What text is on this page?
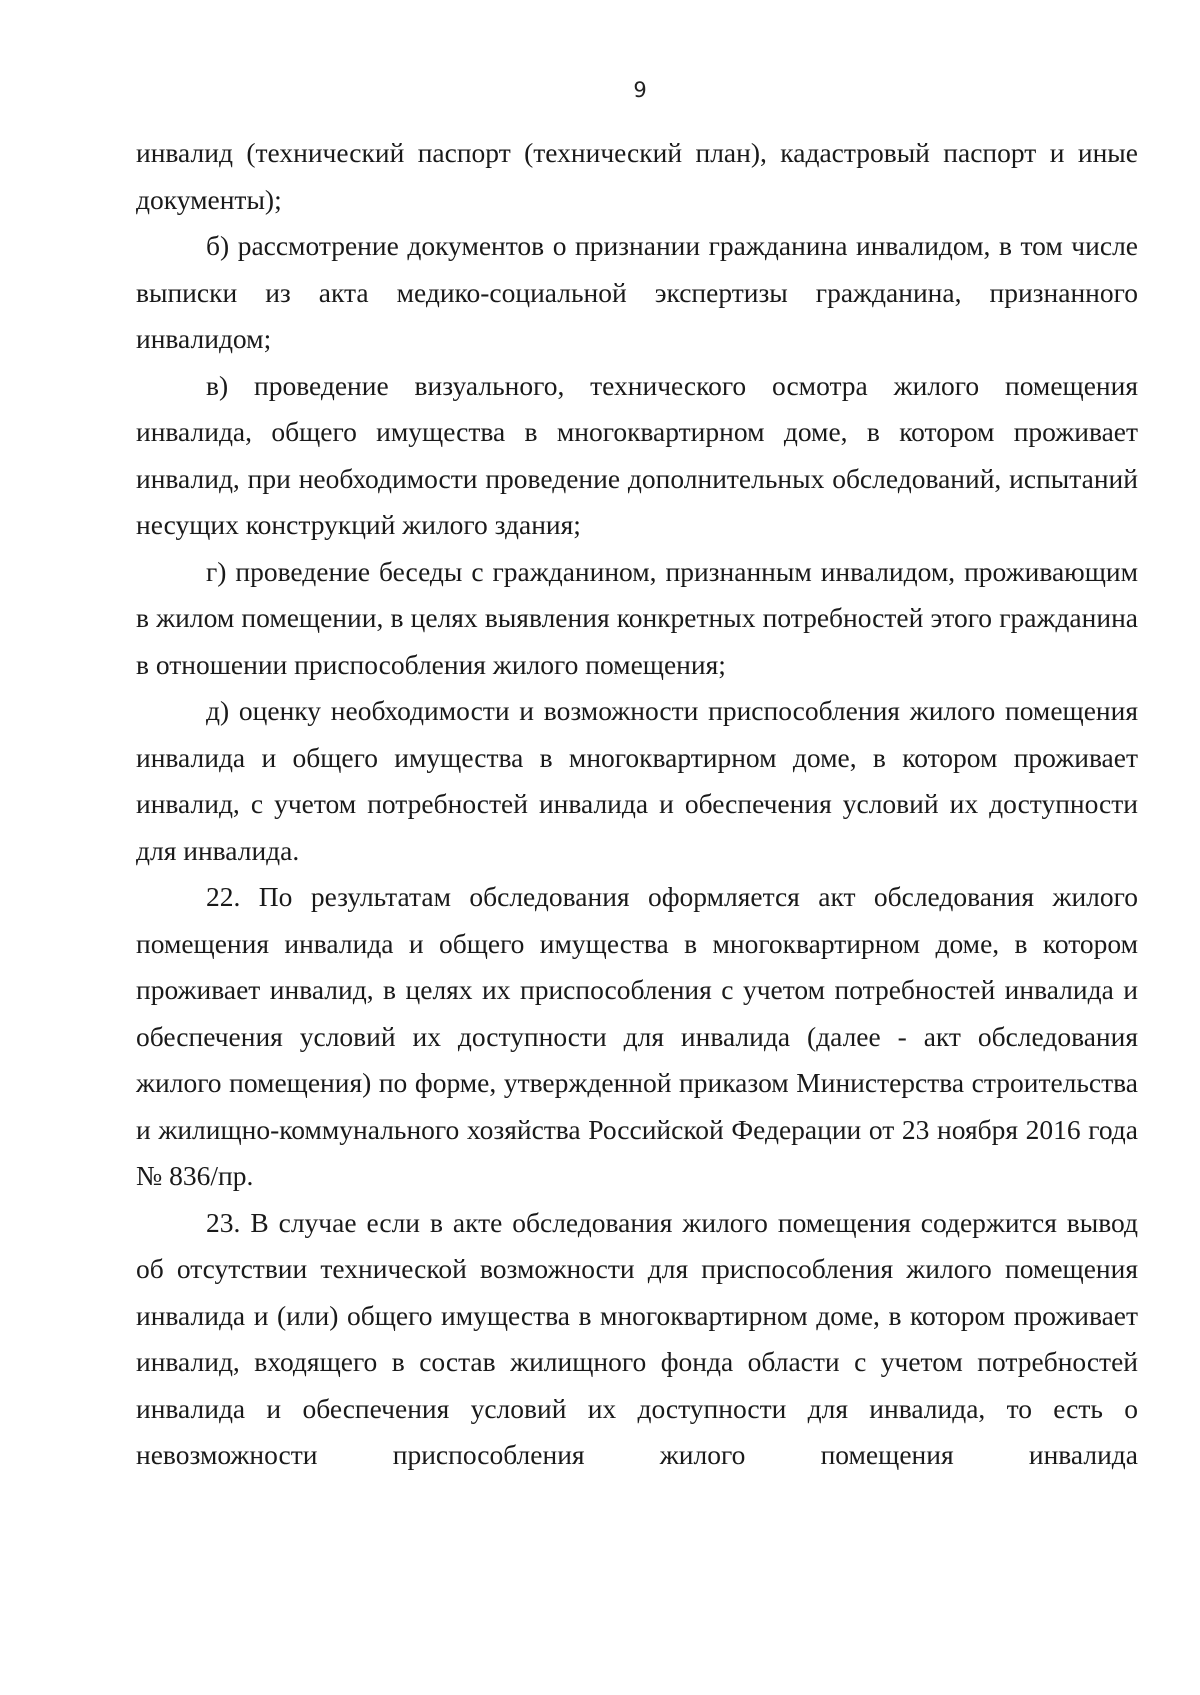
9

инвалид (технический паспорт (технический план), кадастровый паспорт и иные документы);

б) рассмотрение документов о признании гражданина инвалидом, в том числе выписки из акта медико-социальной экспертизы гражданина, признанного инвалидом;

в) проведение визуального, технического осмотра жилого помещения инвалида, общего имущества в многоквартирном доме, в котором проживает инвалид, при необходимости проведение дополнительных обследований, испытаний несущих конструкций жилого здания;

г) проведение беседы с гражданином, признанным инвалидом, проживающим в жилом помещении, в целях выявления конкретных потребностей этого гражданина в отношении приспособления жилого помещения;

д) оценку необходимости и возможности приспособления жилого помещения инвалида и общего имущества в многоквартирном доме, в котором проживает инвалид, с учетом потребностей инвалида и обеспечения условий их доступности для инвалида.

22. По результатам обследования оформляется акт обследования жилого помещения инвалида и общего имущества в многоквартирном доме, в котором проживает инвалид, в целях их приспособления с учетом потребностей инвалида и обеспечения условий их доступности для инвалида (далее - акт обследования жилого помещения) по форме, утвержденной приказом Министерства строительства и жилищно-коммунального хозяйства Российской Федерации от 23 ноября 2016 года № 836/пр.

23. В случае если в акте обследования жилого помещения содержится вывод об отсутствии технической возможности для приспособления жилого помещения инвалида и (или) общего имущества в многоквартирном доме, в котором проживает инвалид, входящего в состав жилищного фонда области с учетом потребностей инвалида и обеспечения условий их доступности для инвалида, то есть о невозможности приспособления жилого помещения инвалида
